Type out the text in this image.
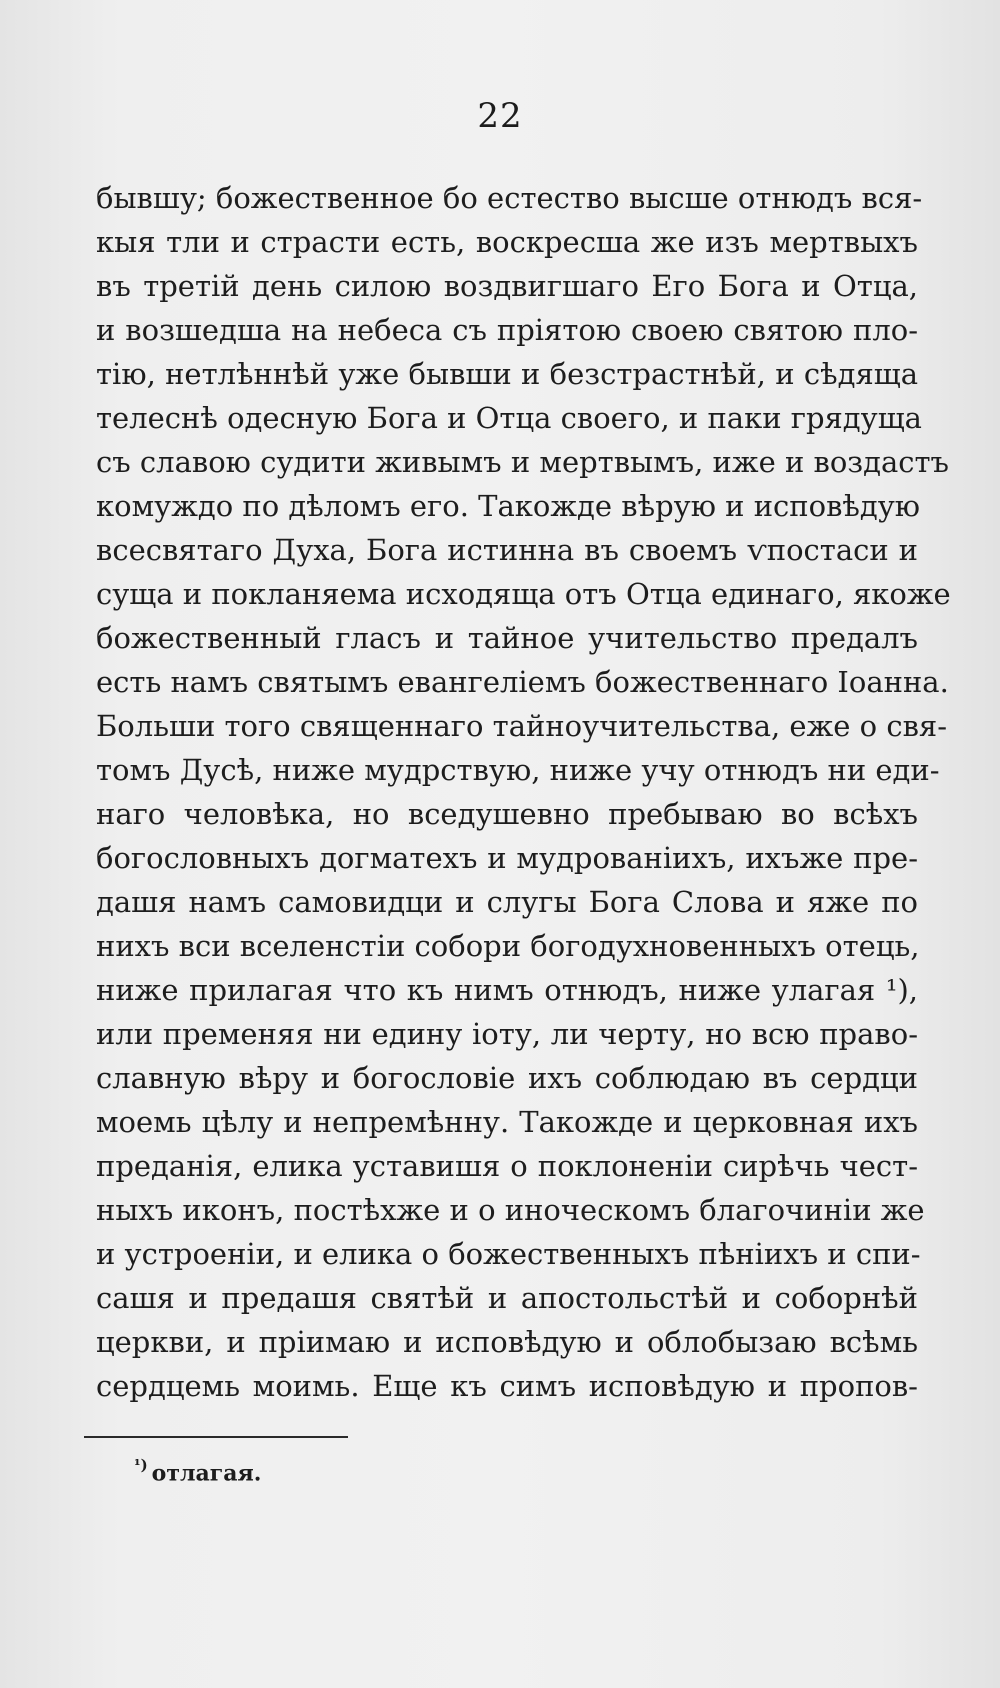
22
бывшу; божественное бо естество высше отнюдъ вся-
кыя тли и страсти есть, воскресша же изъ мертвыхъ
въ третій день силою воздвигшаго Его Бога и Отца,
и возшедша на небеса съ пріятою своею святою пло-
тію, нетлѣннѣй уже бывши и безстрастнѣй, и сѣдяща
телеснѣ одесную Бога и Отца своего, и паки грядуща
съ славою судити живымъ и мертвымъ, иже и воздастъ
комуждо по дѣломъ его. Такожде вѣрую и исповѣдую
всесвятаго Духа, Бога истинна въ своемъ ѵпостаси и
суща и покланяема исходяща отъ Отца единаго, якоже
божественный гласъ и тайное учительство предалъ
есть намъ святымъ евангеліемъ божественнаго Іоанна.
Больши того священнаго тайноучительства, еже о свя-
томъ Дусѣ, ниже мудрствую, ниже учу отнюдъ ни еди-
наго человѣка, но вседушевно пребываю во всѣхъ
богословныхъ догматехъ и мудрованіихъ, ихъже пре-
дашя намъ самовидци и слугы Бога Слова и яже по
нихъ вси вселенстіи собори богодухновенныхъ отець,
ниже прилагая что къ нимъ отнюдъ, ниже улагая ¹),
или пременяя ни едину іоту, ли черту, но всю право-
славную вѣру и богословіе ихъ соблюдаю въ сердци
моемь цѣлу и непремѣнну. Такожде и церковная ихъ
преданія, елика уставишя о поклоненіи сирѣчь чест-
ныхъ иконъ, постѣхже и о иноческомъ благочиніи же
и устроеніи, и елика о божественныхъ пѣніихъ и спи-
сашя и предашя святѣй и апостольстѣй и соборнѣй
церкви, и пріимаю и исповѣдую и облобызаю всѣмь
сердцемь моимь. Еще къ симъ исповѣдую и пропов-
$^{^1)}$ отлагая.
